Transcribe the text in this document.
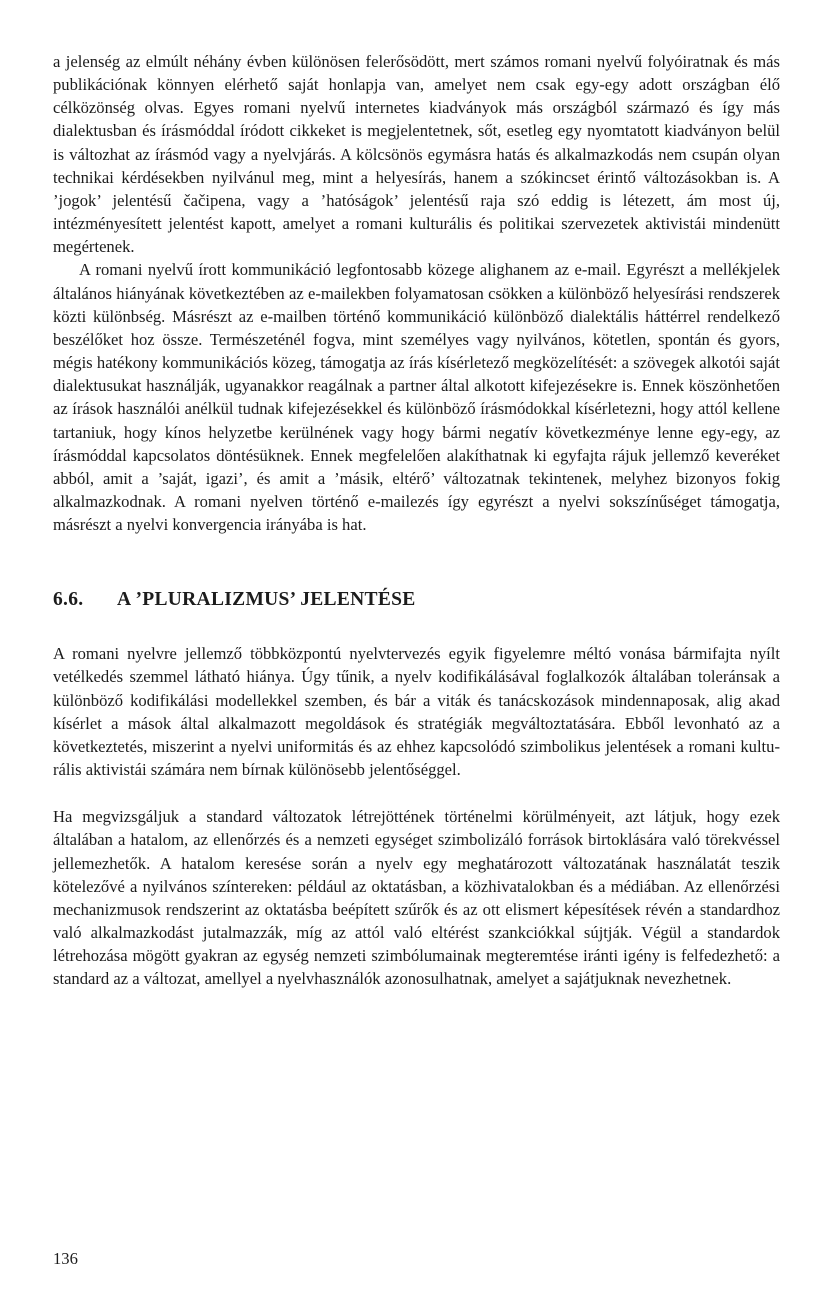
a jelenség az elmúlt néhány évben különösen felerősödött, mert számos romani nyelvű folyóiratnak és más publikációnak könnyen elérhető saját honlapja van, amelyet nem csak egy-egy adott országban élő célközönség olvas. Egyes romani nyelvű internetes kiadványok más országból származó és így más dialektusban és írásmóddal íródott cikkeket is megjelentetnek, sőt, esetleg egy nyomtatott kiadványon belül is változhat az írásmód vagy a nyelvjárás. A kölcsönös egymásra hatás és alkalmazkodás nem csupán olyan technikai kérdésekben nyilvánul meg, mint a helyesírás, hanem a szókincset érintő változásokban is. A ’jogok’ jelentésű čačipena, vagy a ’hatóságok’ jelentésű raja szó eddig is létezett, ám most új, intézményesített jelentést kapott, amelyet a romani kulturális és politikai szervezetek aktivistái mindenütt megértenek.

A romani nyelvű írott kommunikáció legfontosabb közege alighanem az e-mail. Egyrészt a mellékjelek általános hiányának következtében az e-mailekben folyamatosan csökken a különböző helyesírási rendszerek közti különbség. Másrészt az e-mailben történő kommunikáció különböző dialektális háttérrel rendelkező beszélőket hoz össze. Természeténél fogva, mint személyes vagy nyilvános, kötetlen, spontán és gyors, mégis hatékony kommunikációs közeg, támogatja az írás kísérletező megközelítését: a szövegek alkotói saját dialektusukat használják, ugyanakkor reagálnak a partner által alkotott kifejezésekre is. Ennek köszönhetően az írások használói anélkül tudnak kifejezésekkel és különböző írásmódokkal kísérletezni, hogy attól kellene tartaniuk, hogy kínos helyzetbe kerülnének vagy hogy bármi negatív következménye lenne egy-egy, az írásmóddal kapcsolatos döntésüknek. Ennek megfelelően alakíthatnak ki egyfajta rájuk jellemző keveréket abból, amit a ’saját, igazi’, és amit a ’másik, eltérő’ változatnak tekintenek, melyhez bizonyos fokig alkalmazkodnak. A romani nyelven történő e-mailezés így egyrészt a nyelvi sokszínűséget támogatja, másrészt a nyelvi konvergencia irányába is hat.

6.6.	A ’PLURALIZMUS’ JELENTÉSE

A romani nyelvre jellemző többközpontú nyelvtervezés egyik figyelemre méltó vonása bármifajta nyílt vetélkedés szemmel látható hiánya. Úgy tűnik, a nyelv kodifikálásával foglalkozók általában toleránsak a különböző kodifikálási modellekkel szemben, és bár a viták és tanácskozások mindennaposak, alig akad kísérlet a mások által alkalmazott megoldások és stratégiák megváltoztatására. Ebből levonható az a következtetés, miszerint a nyelvi uniformitás és az ehhez kapcsolódó szimbolikus jelentések a romani kulturális aktivistái számára nem bírnak különösebb jelentőséggel.

Ha megvizsgáljuk a standard változatok létrejöttének történelmi körülményeit, azt látjuk, hogy ezek általában a hatalom, az ellenőrzés és a nemzeti egységet szimbolizáló források birtoklására való törekvéssel jellemezhetők. A hatalom keresése során a nyelv egy meghatározott változatának használatát teszik kötelezővé a nyilvános színtereken: például az oktatásban, a közhivatalokban és a médiában. Az ellenőrzési mechanizmusok rendszerint az oktatásba beépített szűrők és az ott elismert képesítések révén a standardhoz való alkalmazkodást jutalmazzák, míg az attól való eltérést szankciókkal sújtják. Végül a standardok létrehozása mögött gyakran az egység nemzeti szimbólumainak megteremtése iránti igény is felfedezhető: a standard az a változat, amellyel a nyelvhasználók azonosulhatnak, amelyet a sajátjuknak nevezhetnek.

136
